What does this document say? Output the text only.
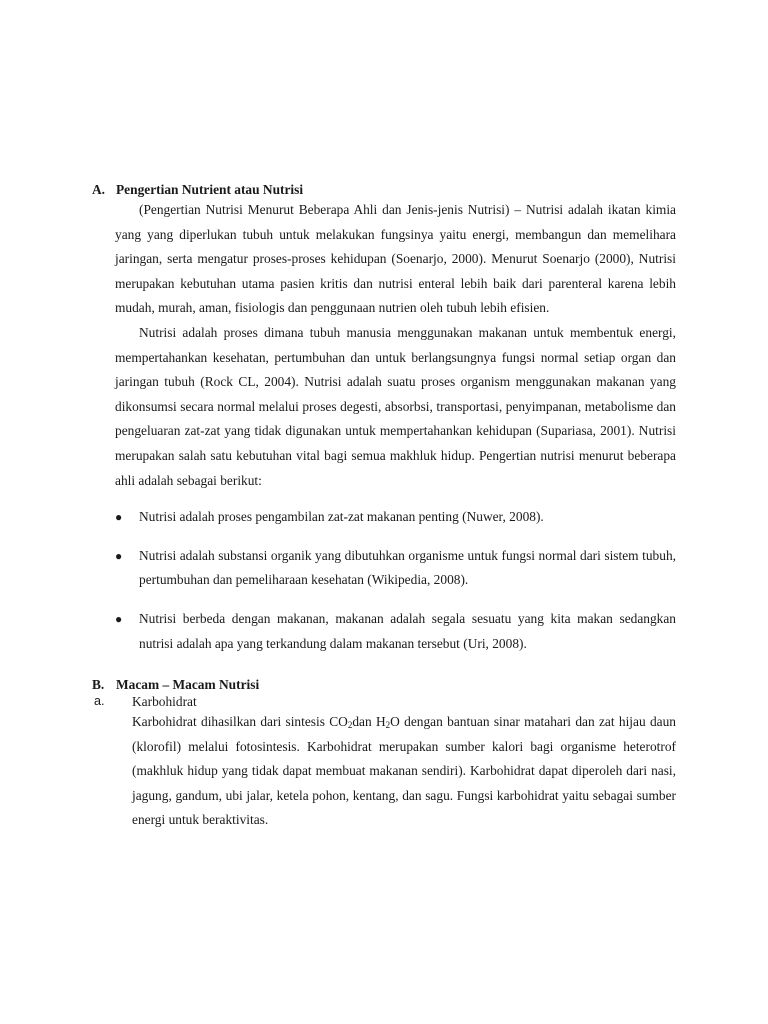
A. Pengertian Nutrient atau Nutrisi

(Pengertian Nutrisi Menurut Beberapa Ahli dan Jenis-jenis Nutrisi) – Nutrisi adalah ikatan kimia yang yang diperlukan tubuh untuk melakukan fungsinya yaitu energi, membangun dan memelihara jaringan, serta mengatur proses-proses kehidupan (Soenarjo, 2000). Menurut Soenarjo (2000), Nutrisi merupakan kebutuhan utama pasien kritis dan nutrisi enteral lebih baik dari parenteral karena lebih mudah, murah, aman, fisiologis dan penggunaan nutrien oleh tubuh lebih efisien.

Nutrisi adalah proses dimana tubuh manusia menggunakan makanan untuk membentuk energi, mempertahankan kesehatan, pertumbuhan dan untuk berlangsungnya fungsi normal setiap organ dan jaringan tubuh (Rock CL, 2004). Nutrisi adalah suatu proses organism menggunakan makanan yang dikonsumsi secara normal melalui proses degesti, absorbsi, transportasi, penyimpanan, metabolisme dan pengeluaran zat-zat yang tidak digunakan untuk mempertahankan kehidupan (Supariasa, 2001). Nutrisi merupakan salah satu kebutuhan vital bagi semua makhluk hidup. Pengertian nutrisi menurut beberapa ahli adalah sebagai berikut:

●	Nutrisi adalah proses pengambilan zat-zat makanan penting (Nuwer, 2008).
●	Nutrisi adalah substansi organik yang dibutuhkan organisme untuk fungsi normal dari sistem tubuh, pertumbuhan dan pemeliharaan kesehatan (Wikipedia, 2008).
●	Nutrisi berbeda dengan makanan, makanan adalah segala sesuatu yang kita makan sedangkan nutrisi adalah apa yang terkandung dalam makanan tersebut (Uri, 2008).
B. Macam – Macam Nutrisi
a.	Karbohidrat

Karbohidrat dihasilkan dari sintesis $CO_2dan$ $H_2O$ dengan bantuan sinar matahari dan zat hijau daun (klorofil) melalui fotosintesis. Karbohidrat merupakan sumber kalori bagi organisme heterotrof (makhluk hidup yang tidak dapat membuat makanan sendiri). Karbohidrat dapat diperoleh dari nasi, jagung, gandum, ubi jalar, ketela pohon, kentang, dan sagu. Fungsi karbohidrat yaitu sebagai sumber energi untuk beraktivitas.
